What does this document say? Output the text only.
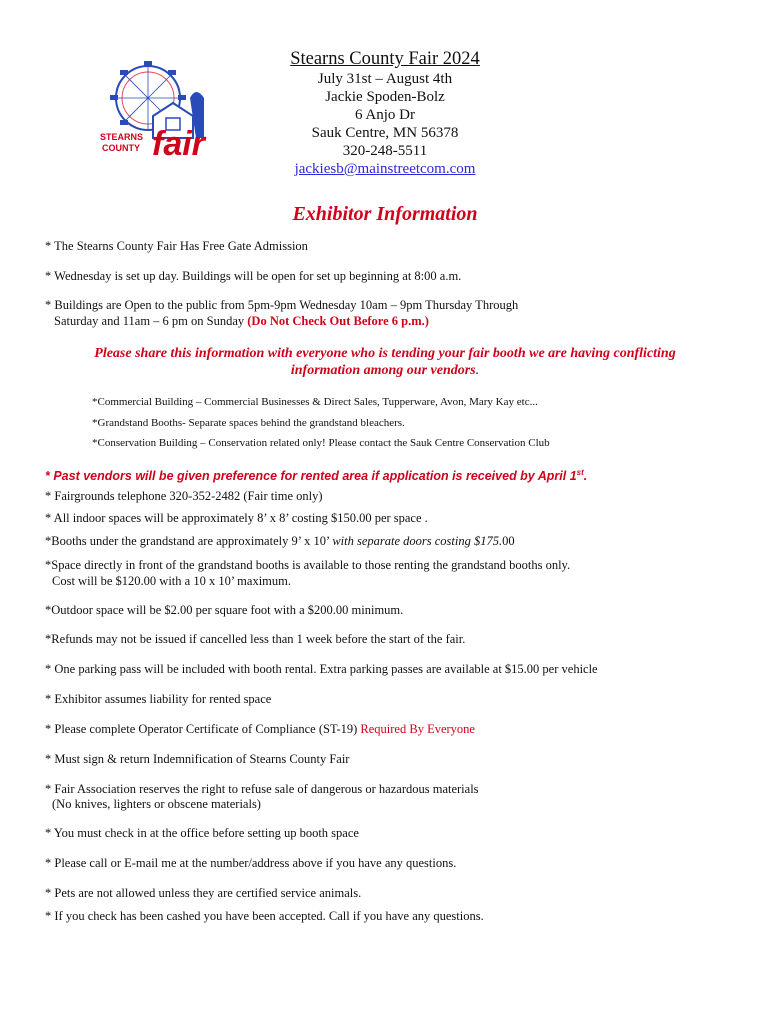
STEARNS
COUNTY fair
Stearns County Fair 2024
July 31st – August 4th
Jackie Spoden-Bolz
6 Anjo Dr
Sauk Centre, MN 56378
320-248-5511
jackiesb@mainstreetcom.com
Exhibitor Information
* The Stearns County Fair Has Free Gate Admission
* Wednesday is set up day. Buildings will be open for set up beginning at 8:00 a.m.
* Buildings are Open to the public from 5pm-9pm Wednesday 10am – 9pm Thursday Through
Saturday and 11am – 6 pm on Sunday (Do Not Check Out Before 6 p.m.)
Please share this information with everyone who is tending your fair booth we are having conflicting
information among our vendors.
*Commercial Building – Commercial Businesses & Direct Sales, Tupperware, Avon, Mary Kay etc...
*Grandstand Booths- Separate spaces behind the grandstand bleachers.
*Conservation Building – Conservation related only! Please contact the Sauk Centre Conservation Club
* Past vendors will be given preference for rented area if application is received by April 1st.
* Fairgrounds telephone 320-352-2482 (Fair time only)
* All indoor spaces will be approximately 8’ x 8’ costing $150.00 per space .
*Booths under the grandstand are approximately 9’ x 10’ with separate doors costing $175.00
*Space directly in front of the grandstand booths is available to those renting the grandstand booths only.
Cost will be $120.00 with a 10 x 10’ maximum.
*Outdoor space will be $2.00 per square foot with a $200.00 minimum.
*Refunds may not be issued if cancelled less than 1 week before the start of the fair.
* One parking pass will be included with booth rental. Extra parking passes are available at $15.00 per vehicle
* Exhibitor assumes liability for rented space
* Please complete Operator Certificate of Compliance (ST-19) Required By Everyone
* Must sign & return Indemnification of Stearns County Fair
* Fair Association reserves the right to refuse sale of dangerous or hazardous materials
(No knives, lighters or obscene materials)
* You must check in at the office before setting up booth space
* Please call or E-mail me at the number/address above if you have any questions.
* Pets are not allowed unless they are certified service animals.
* If you check has been cashed you have been accepted. Call if you have any questions.
